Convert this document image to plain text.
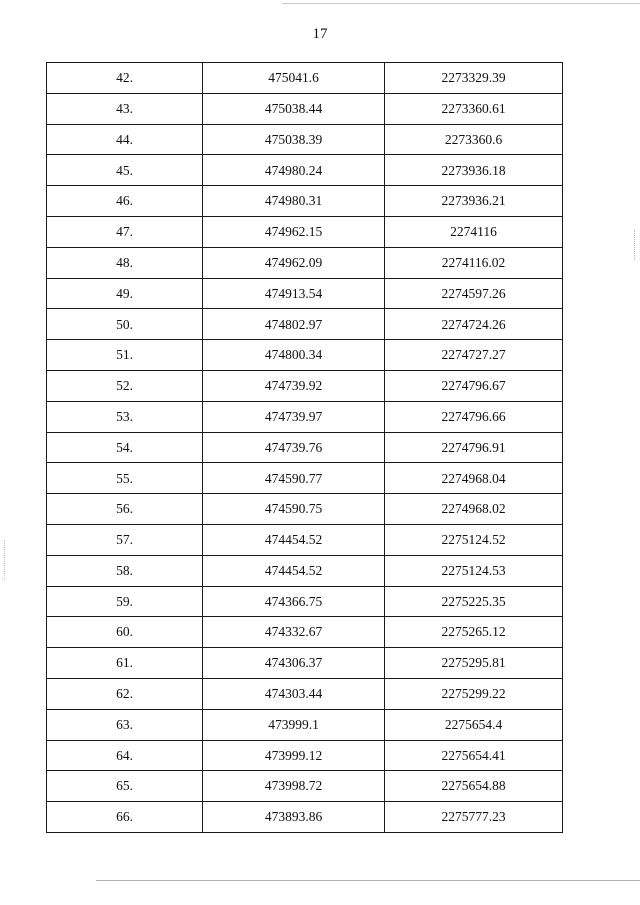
17
42.	475041.6	2273329.39
43.	475038.44	2273360.61
44.	475038.39	2273360.6
45.	474980.24	2273936.18
46.	474980.31	2273936.21
47.	474962.15	2274116
48.	474962.09	2274116.02
49.	474913.54	2274597.26
50.	474802.97	2274724.26
51.	474800.34	2274727.27
52.	474739.92	2274796.67
53.	474739.97	2274796.66
54.	474739.76	2274796.91
55.	474590.77	2274968.04
56.	474590.75	2274968.02
57.	474454.52	2275124.52
58.	474454.52	2275124.53
59.	474366.75	2275225.35
60.	474332.67	2275265.12
61.	474306.37	2275295.81
62.	474303.44	2275299.22
63.	473999.1	2275654.4
64.	473999.12	2275654.41
65.	473998.72	2275654.88
66.	473893.86	2275777.23
